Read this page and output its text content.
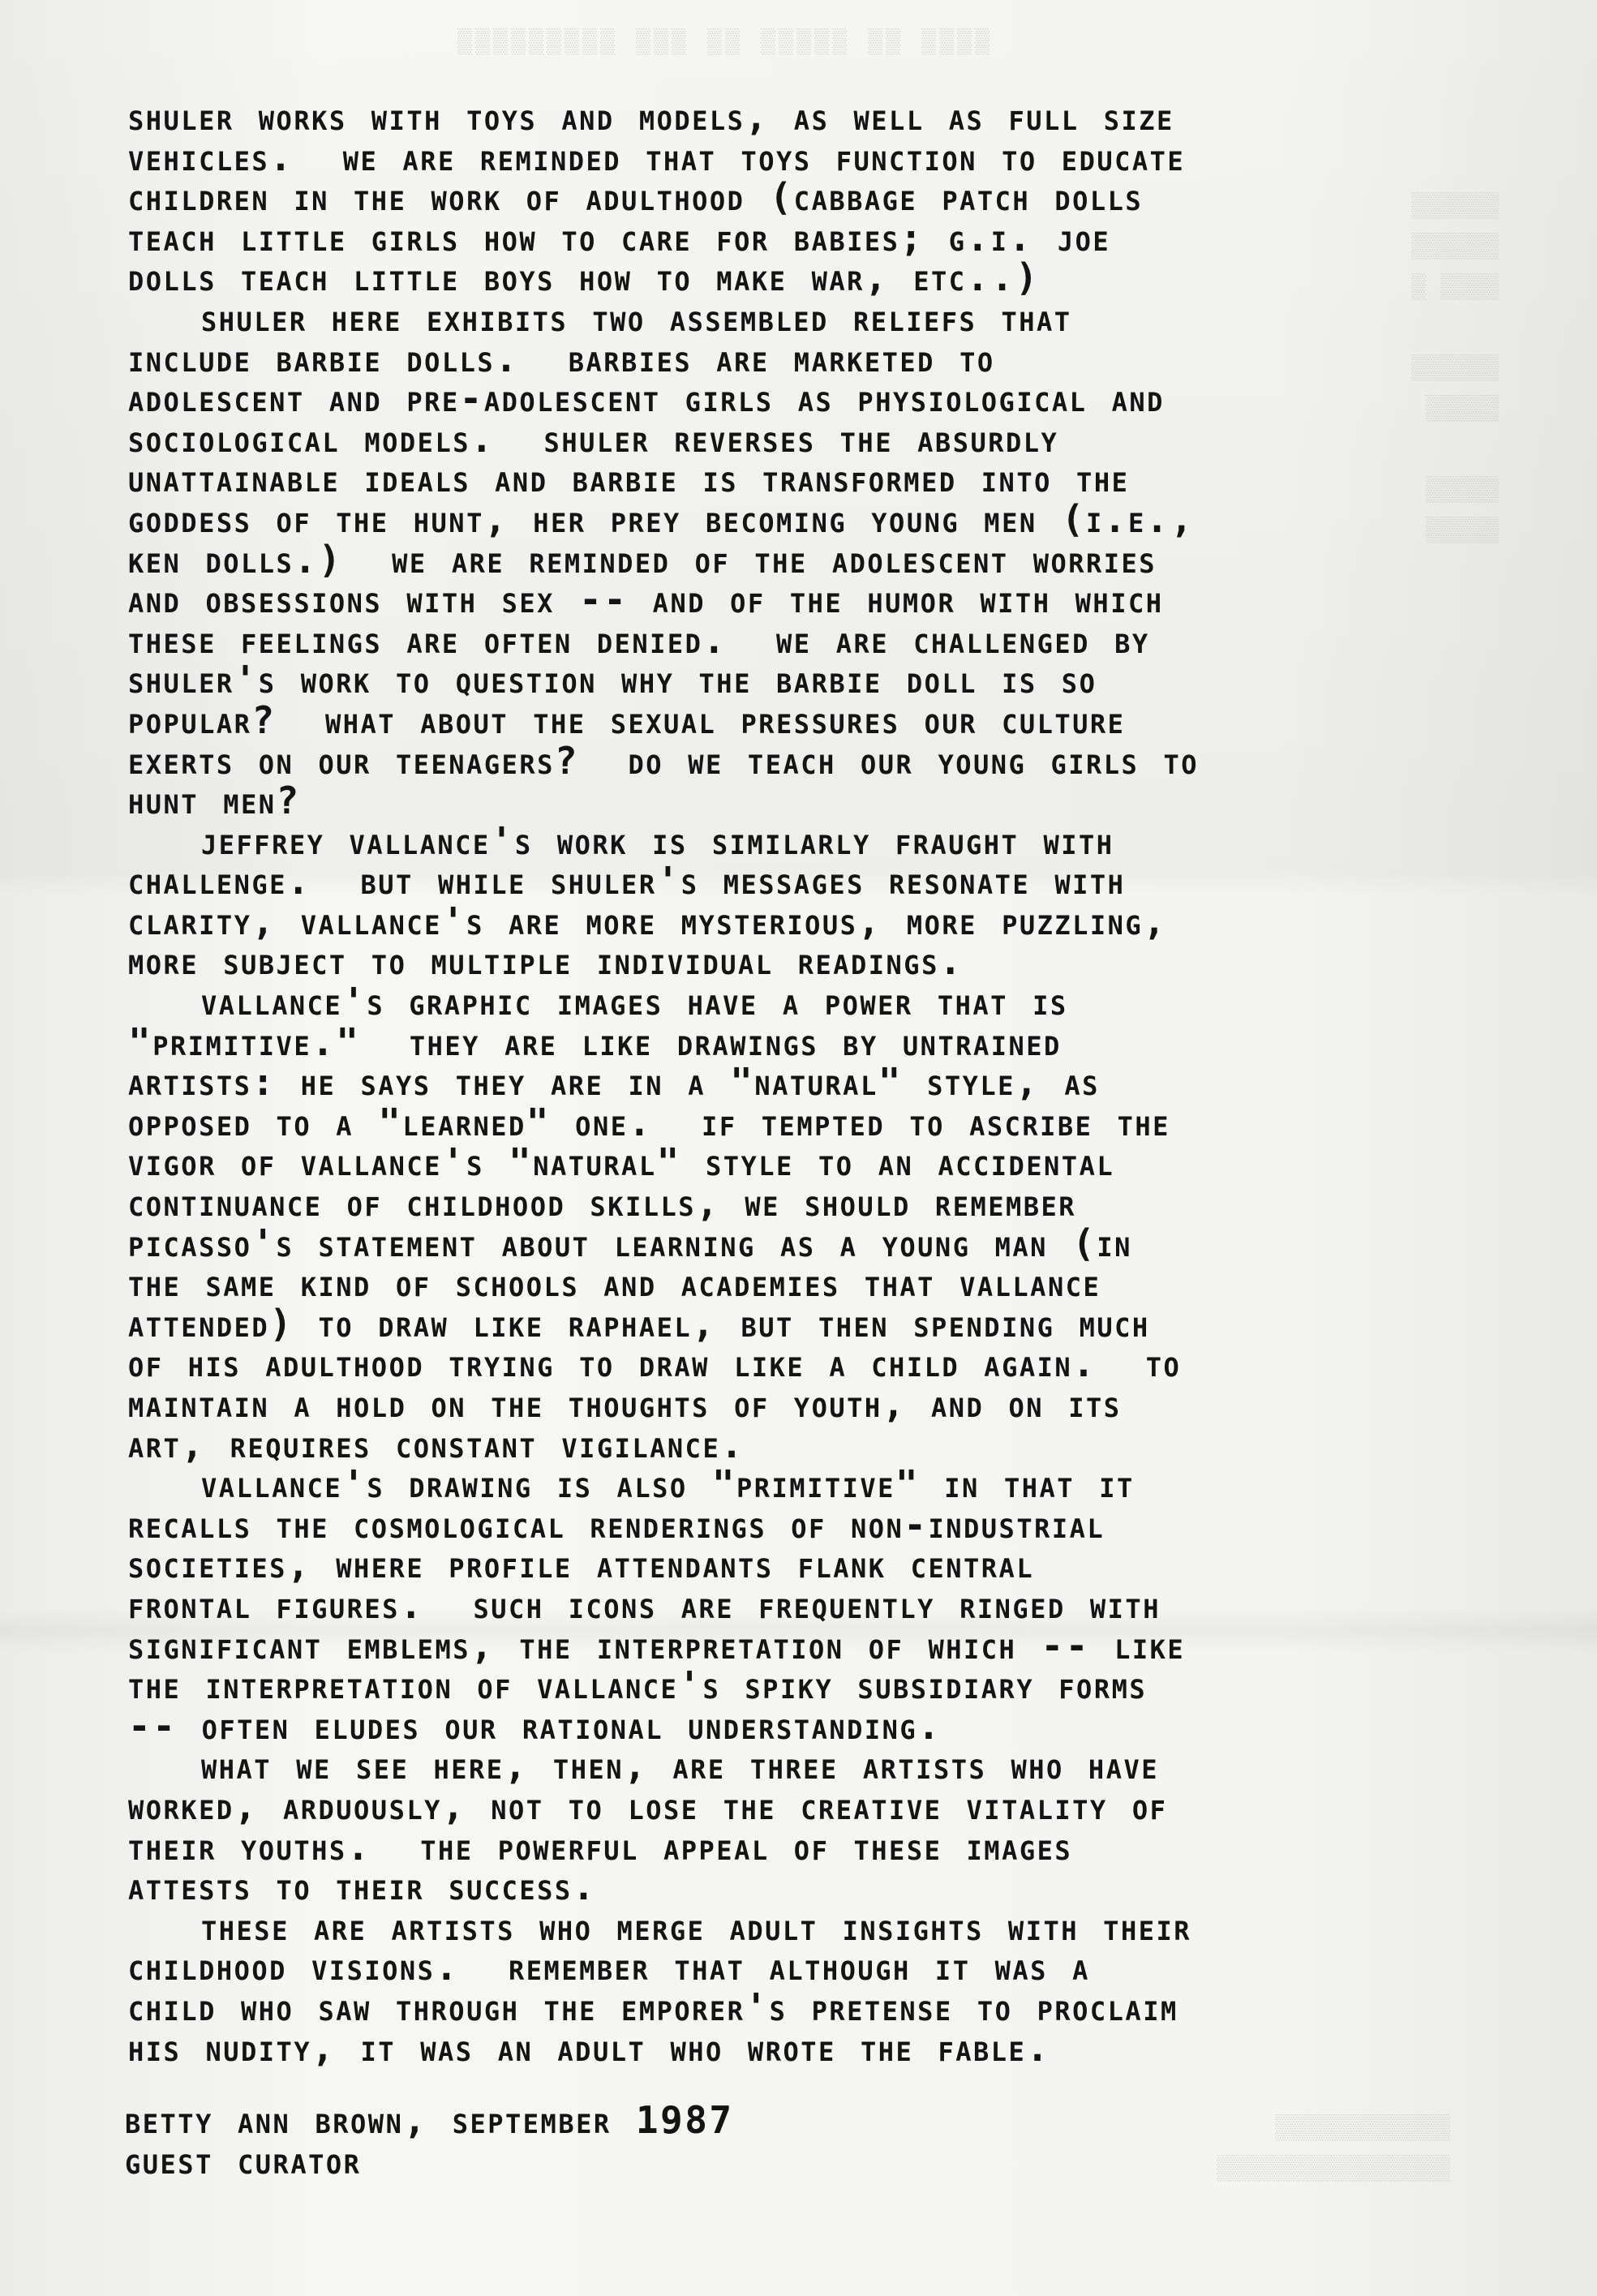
▒▒▒▒ ▒▒ ▒▒▒▒▒ ▒▒ ▒▒▒ ▒▒▒▒▒▒▒▒▒
▒▒▒▒▒▒
▒▒▒▒▒▒
▒▒▒▒ ▒

▒▒▒▒▒▒
▒▒▒▒▒

▒▒▒▒▒
▒▒▒▒▒
▒▒▒▒▒▒▒▒▒▒▒▒
▒▒▒▒▒▒▒▒▒▒▒▒▒▒▒▒

shuler works with toys and models, as well as full size
vehicles.  we are reminded that toys function to educate
children in the work of adulthood (cabbage patch dolls
teach little girls how to care for babies; g.i. joe
dolls teach little boys how to make war, etc..)

shuler here exhibits two assembled reliefs that
include barbie dolls.  barbies are marketed to
adolescent and pre-adolescent girls as physiological and
sociological models.  shuler reverses the absurdly
unattainable ideals and barbie is transformed into the
goddess of the hunt, her prey becoming young men (i.e.,
ken dolls.)  we are reminded of the adolescent worries
and obsessions with sex -- and of the humor with which
these feelings are often denied.  we are challenged by
shuler's work to question why the barbie doll is so
popular?  what about the sexual pressures our culture
exerts on our teenagers?  do we teach our young girls to
hunt men?

jeffrey vallance's work is similarly fraught with
challenge.  but while shuler's messages resonate with
clarity, vallance's are more mysterious, more puzzling,
more subject to multiple individual readings.

vallance's graphic images have a power that is
"primitive."  they are like drawings by untrained
artists: he says they are in a "natural" style, as
opposed to a "learned" one.  if tempted to ascribe the
vigor of vallance's "natural" style to an accidental
continuance of childhood skills, we should remember
picasso's statement about learning as a young man (in
the same kind of schools and academies that vallance
attended) to draw like raphael, but then spending much
of his adulthood trying to draw like a child again.  to
maintain a hold on the thoughts of youth, and on its
art, requires constant vigilance.

vallance's drawing is also "primitive" in that it
recalls the cosmological renderings of non-industrial
societies, where profile attendants flank central
frontal figures.  such icons are frequently ringed with
significant emblems, the interpretation of which -- like
the interpretation of vallance's spiky subsidiary forms
-- often eludes our rational understanding.

what we see here, then, are three artists who have
worked, arduously, not to lose the creative vitality of
their youths.  the powerful appeal of these images
attests to their success.

these are artists who merge adult insights with their
childhood visions.  remember that although it was a
child who saw through the emporer's pretense to proclaim
his nudity, it was an adult who wrote the fable.

betty ann brown, september 1987
guest curator
